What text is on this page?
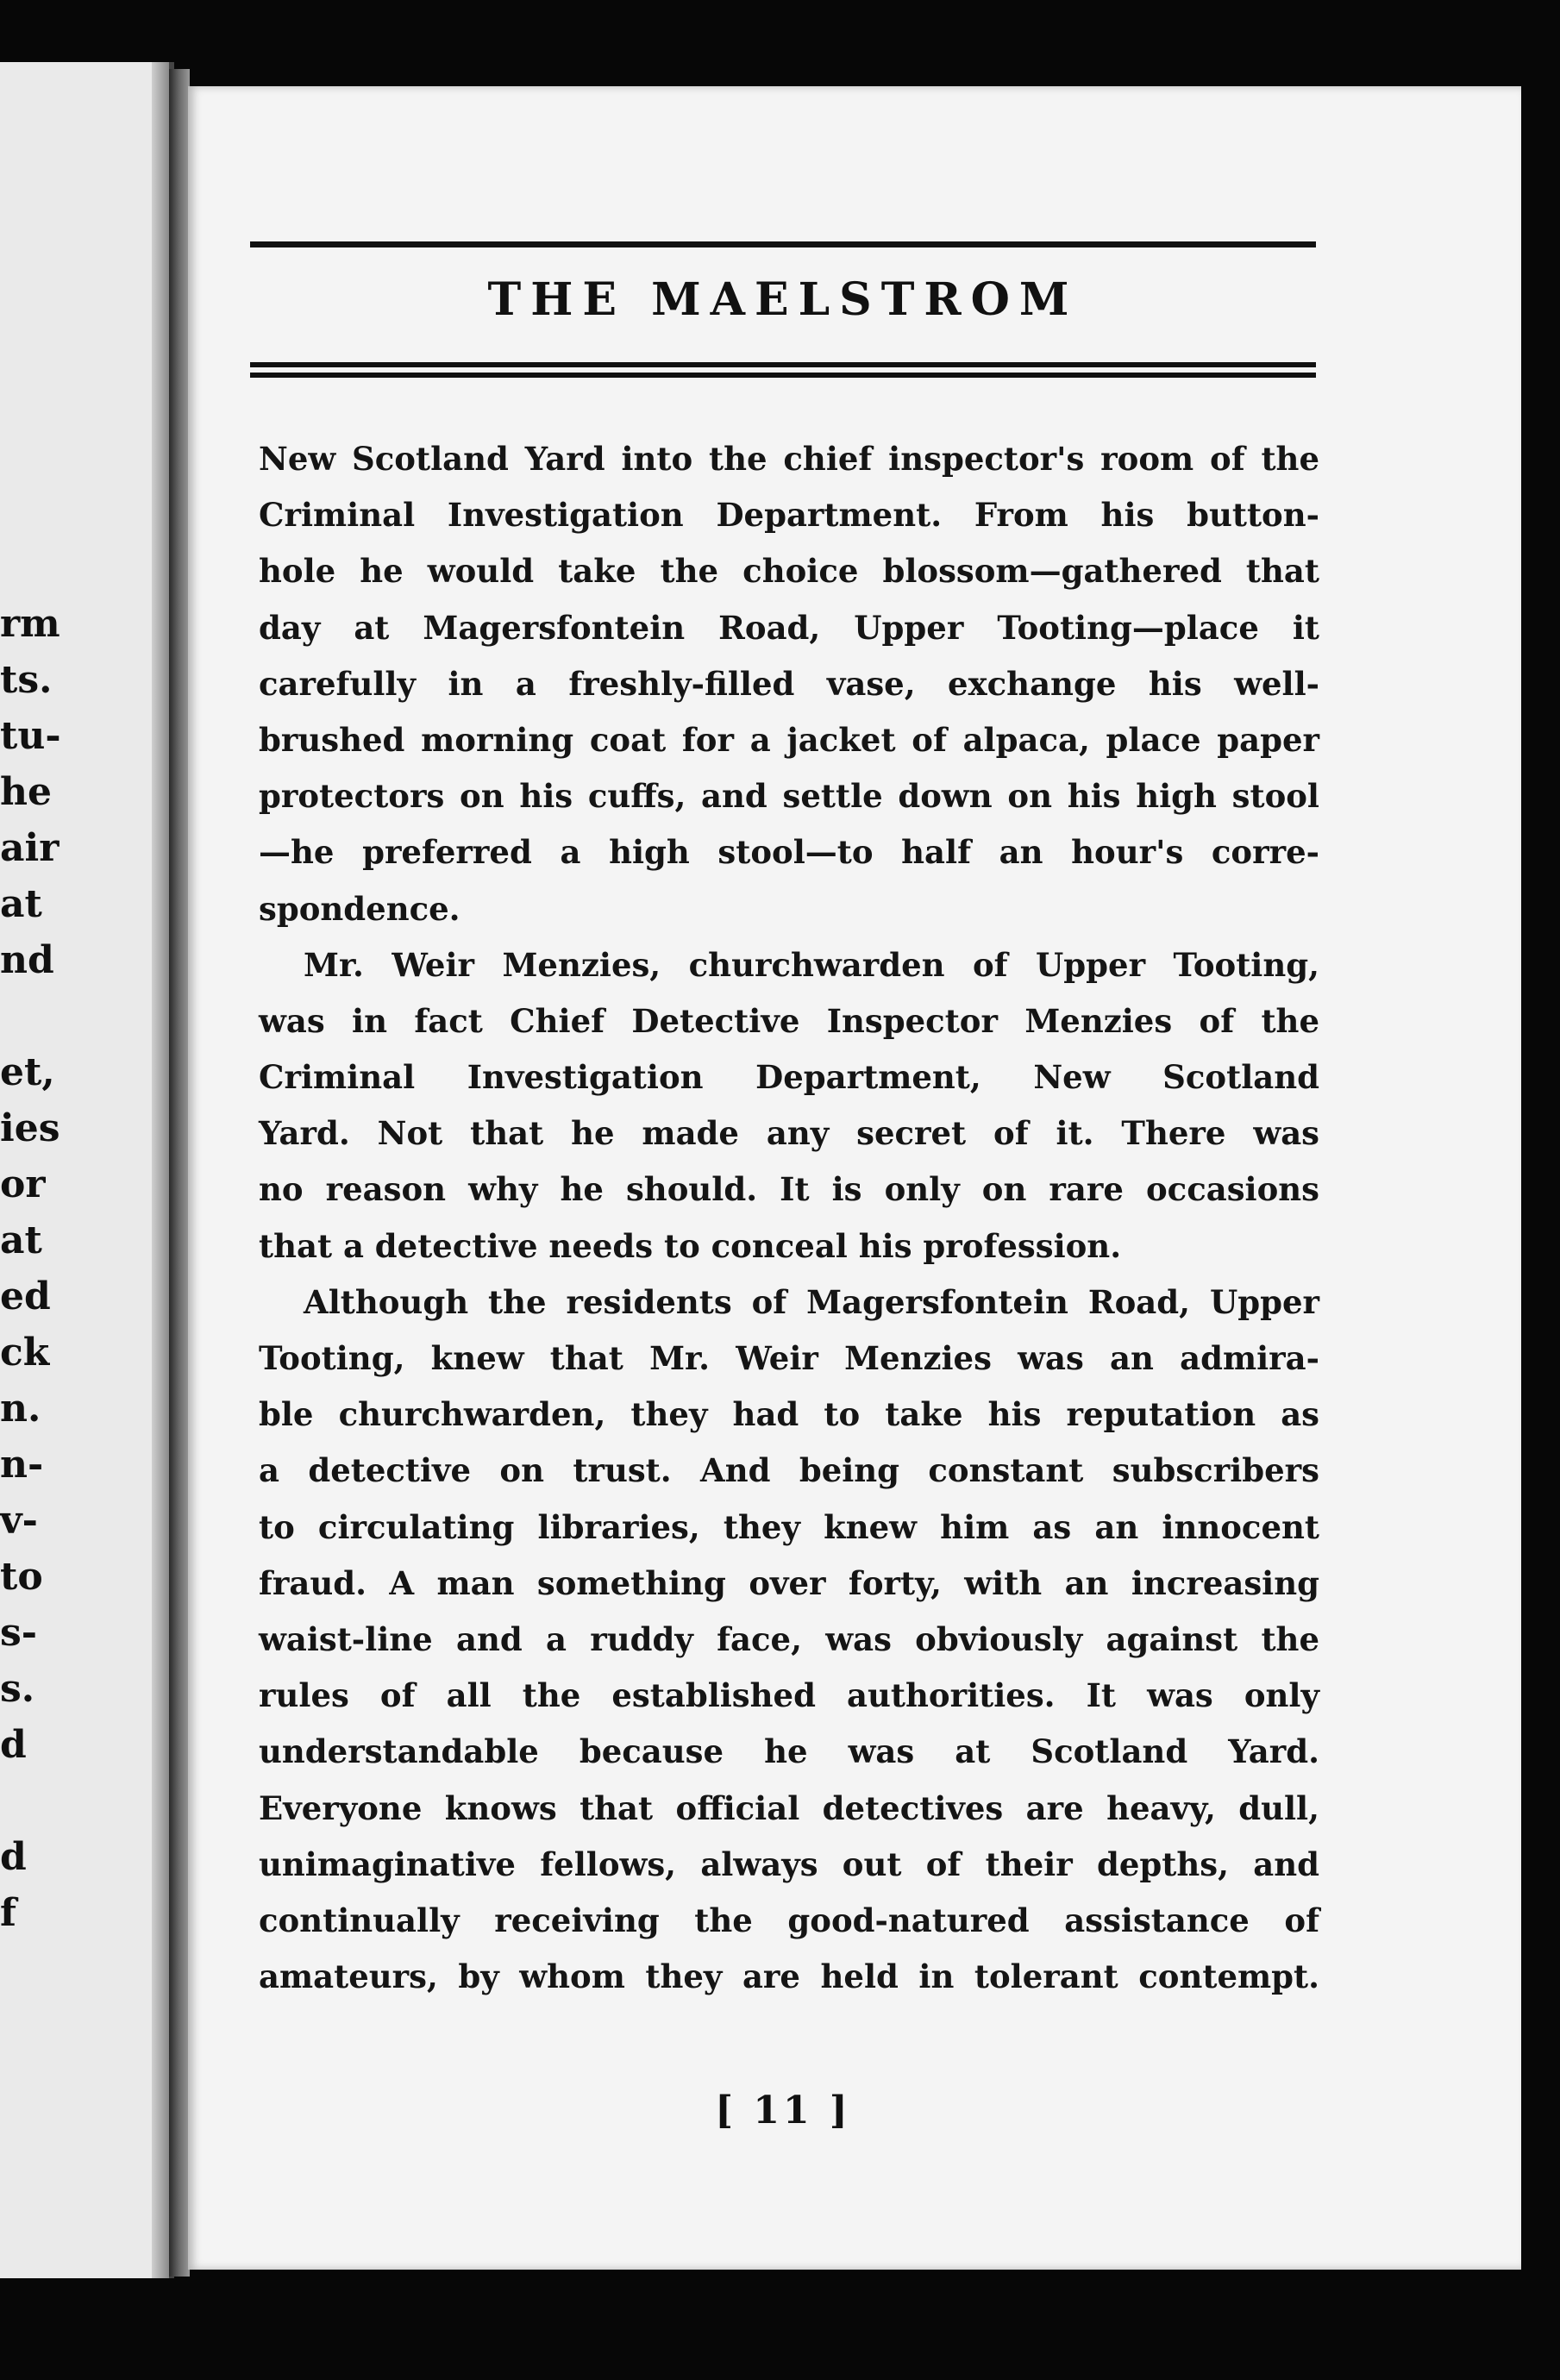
rm
ts.
tu-
he
air
at
nd
et,
ies
or
at
ed
ck
n.
n-
v-
to
s-
s.
d
d
f
THE MAELSTROM
New Scotland Yard into the chief inspector's room of the
Criminal Investigation Department. From his button-
hole he would take the choice blossom—gathered that
day at Magersfontein Road, Upper Tooting—place it
carefully in a freshly-filled vase, exchange his well-
brushed morning coat for a jacket of alpaca, place paper
protectors on his cuffs, and settle down on his high stool
—he preferred a high stool—to half an hour's corre-
spondence.
Mr. Weir Menzies, churchwarden of Upper Tooting,
was in fact Chief Detective Inspector Menzies of the
Criminal Investigation Department, New Scotland
Yard. Not that he made any secret of it. There was
no reason why he should. It is only on rare occasions
that a detective needs to conceal his profession.
Although the residents of Magersfontein Road, Upper
Tooting, knew that Mr. Weir Menzies was an admira-
ble churchwarden, they had to take his reputation as
a detective on trust. And being constant subscribers
to circulating libraries, they knew him as an innocent
fraud. A man something over forty, with an increasing
waist-line and a ruddy face, was obviously against the
rules of all the established authorities. It was only
understandable because he was at Scotland Yard.
Everyone knows that official detectives are heavy, dull,
unimaginative fellows, always out of their depths, and
continually receiving the good-natured assistance of
amateurs, by whom they are held in tolerant contempt.
[ 11 ]
